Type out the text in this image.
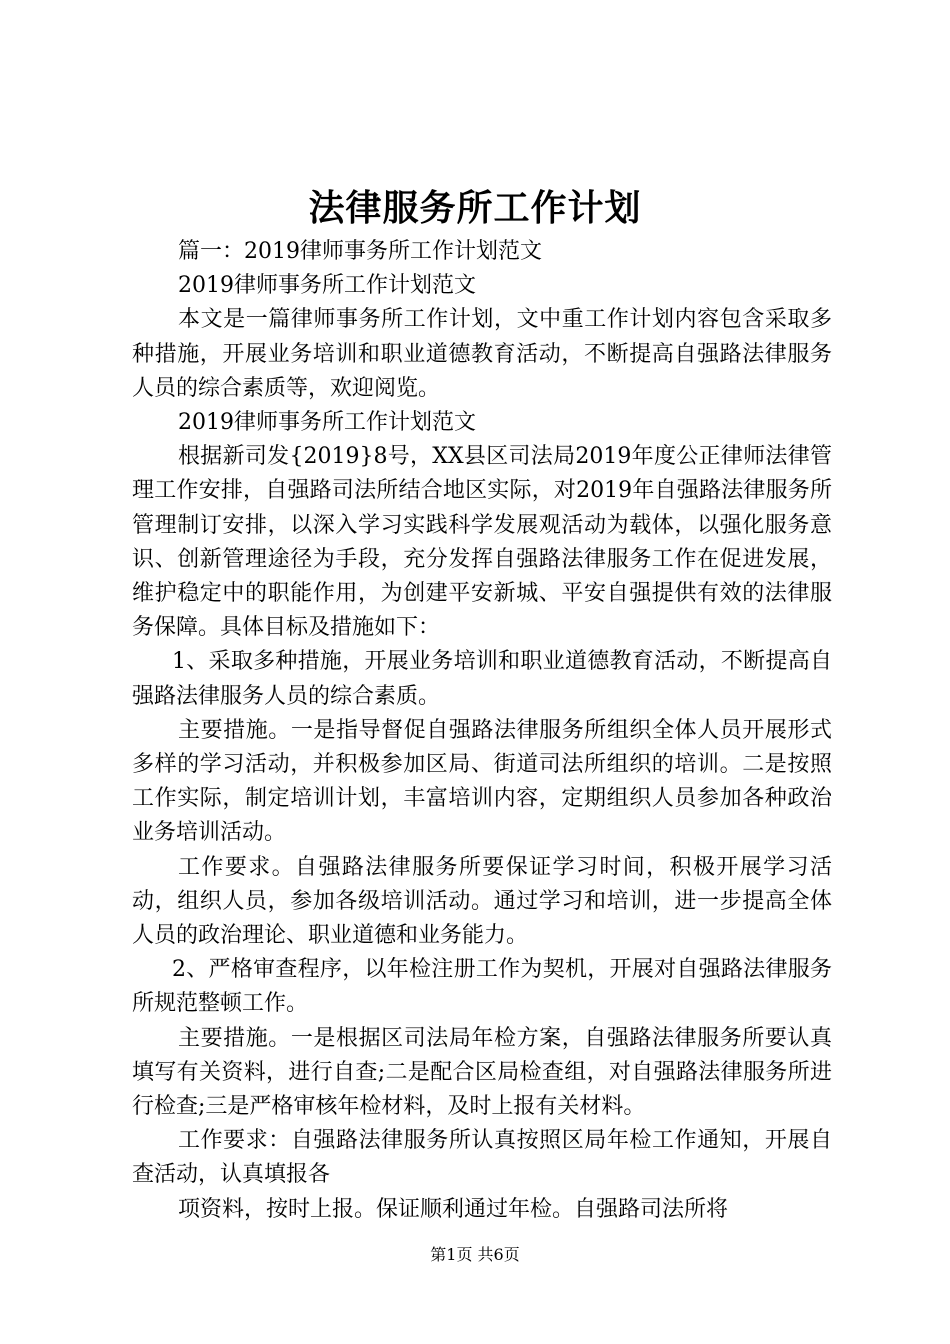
法律服务所工作计划

篇一：2019律师事务所工作计划范文

2019律师事务所工作计划范文

本文是一篇律师事务所工作计划，文中重工作计划内容包含采取多种措施，开展业务培训和职业道德教育活动，不断提高自强路法律服务人员的综合素质等，欢迎阅览。

2019律师事务所工作计划范文

根据新司发{2019}8号，XX县区司法局2019年度公正律师法律管理工作安排，自强路司法所结合地区实际，对2019年自强路法律服务所管理制订安排，以深入学习实践科学发展观活动为载体，以强化服务意识、创新管理途径为手段，充分发挥自强路法律服务工作在促进发展，维护稳定中的职能作用，为创建平安新城、平安自强提供有效的法律服务保障。具体目标及措施如下：

1、采取多种措施，开展业务培训和职业道德教育活动，不断提高自强路法律服务人员的综合素质。

主要措施。一是指导督促自强路法律服务所组织全体人员开展形式多样的学习活动，并积极参加区局、街道司法所组织的培训。二是按照工作实际，制定培训计划，丰富培训内容，定期组织人员参加各种政治业务培训活动。

工作要求。自强路法律服务所要保证学习时间，积极开展学习活动，组织人员，参加各级培训活动。通过学习和培训，进一步提高全体人员的政治理论、职业道德和业务能力。

2、严格审查程序，以年检注册工作为契机，开展对自强路法律服务所规范整顿工作。

主要措施。一是根据区司法局年检方案，自强路法律服务所要认真填写有关资料，进行自查;二是配合区局检查组，对自强路法律服务所进行检查;三是严格审核年检材料，及时上报有关材料。

工作要求：自强路法律服务所认真按照区局年检工作通知，开展自查活动，认真填报各

项资料，按时上报。保证顺利通过年检。自强路司法所将

第1页 共6页
